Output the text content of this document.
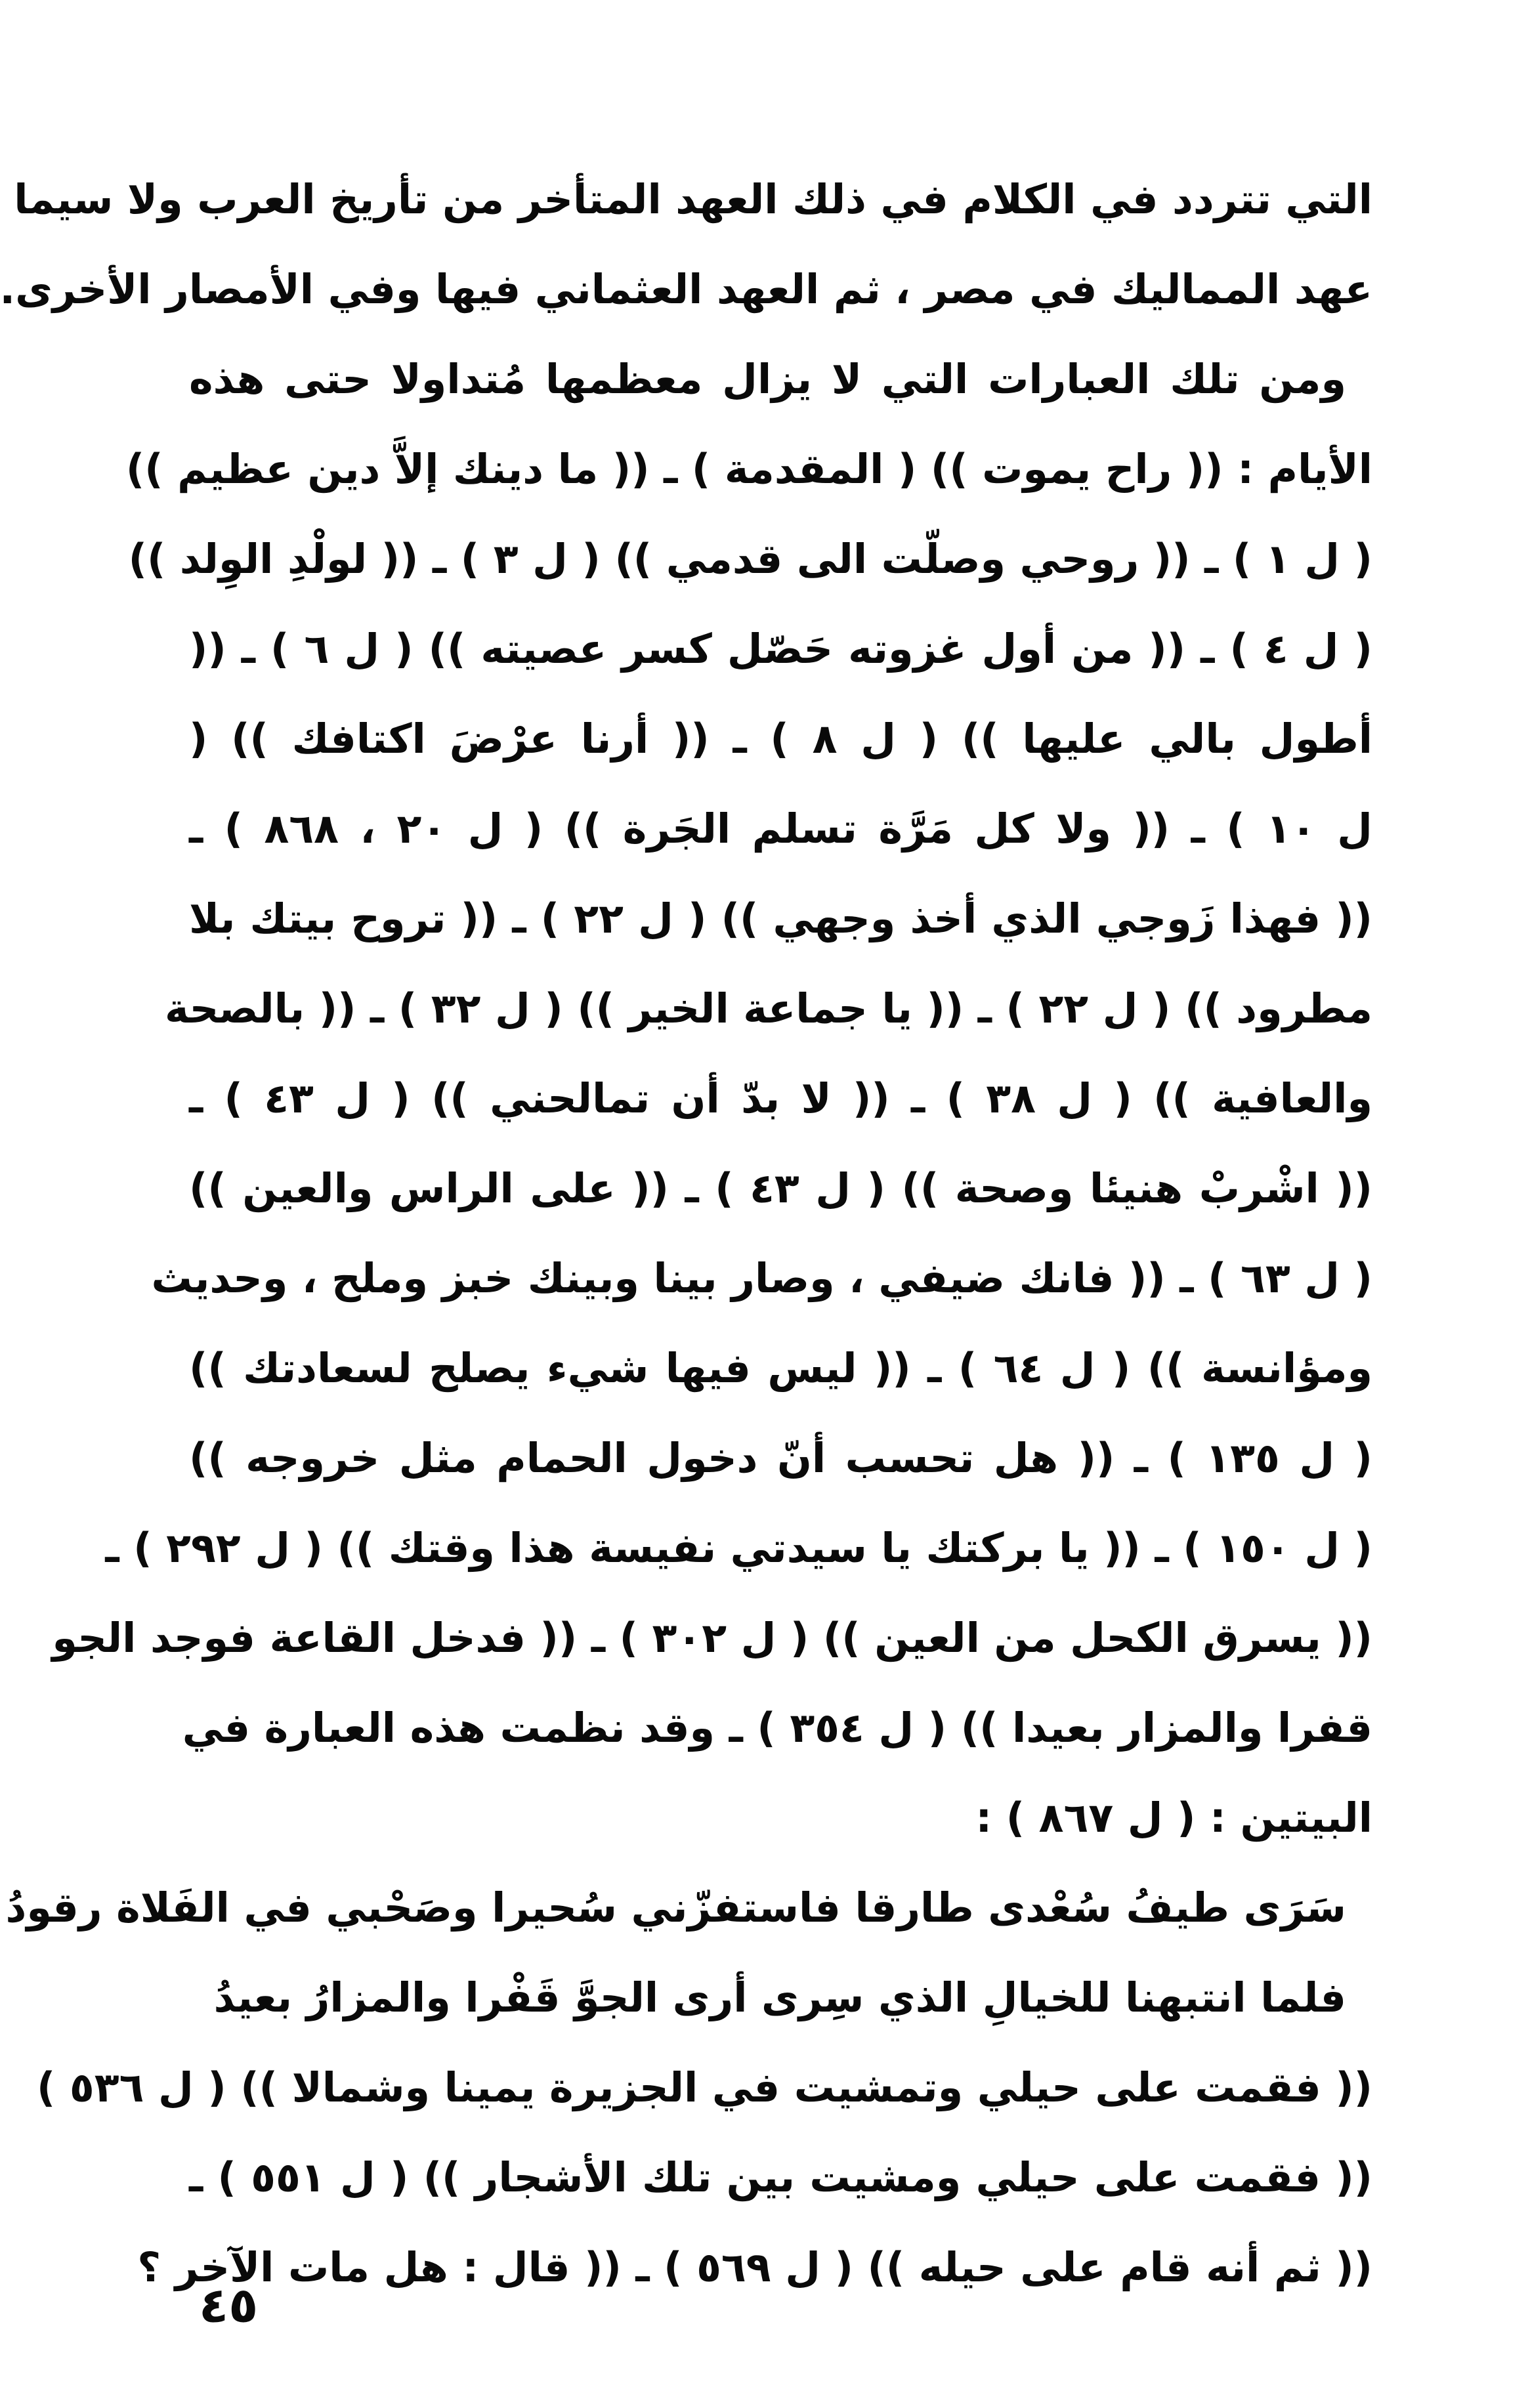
التي تتردد في الكلام في ذلك العهد المتأخر من تأريخ العرب ولا سيما
عهد المماليك في مصر ، ثم العهد العثماني فيها وفي الأمصار الأخرى.
ومن تلك العبارات التي لا يزال معظمها مُتداولا حتى هذه
الأيام : (( راح يموت )) ( المقدمة ) ـ (( ما دينك إلاَّ دين عظيم ))
( ل ١ ) ـ (( روحي وصلّت الى قدمي )) ( ل ٣ ) ـ (( لولْدِ الوِلد ))
( ل ٤ ) ـ (( من أول غزوته حَصّل كسر عصيته )) ( ل ٦ ) ـ ((
أطول بالي عليها )) ( ل ٨ ) ـ (( أرنا عرْضَ اكتافك )) (
ل ١٠ ) ـ (( ولا كل مَرَّة تسلم الجَرة )) ( ل ٢٠ ، ٨٦٨ ) ـ
(( فهذا زَوجي الذي أخذ وجهي )) ( ل ٢٢ ) ـ (( تروح بيتك بلا
مطرود )) ( ل ٢٢ ) ـ (( يا جماعة الخير )) ( ل ٣٢ ) ـ (( بالصحة
والعافية )) ( ل ٣٨ ) ـ (( لا بدّ أن تمالحني )) ( ل ٤٣ ) ـ
(( اشْربْ هنيئا وصحة )) ( ل ٤٣ ) ـ (( على الراس والعين ))
( ل ٦٣ ) ـ (( فانك ضيفي ، وصار بينا وبينك خبز وملح ، وحديث
ومؤانسة )) ( ل ٦٤ ) ـ (( ليس فيها شيء يصلح لسعادتك ))
( ل ١٣٥ ) ـ (( هل تحسب أنّ دخول الحمام مثل خروجه ))
( ل ١٥٠ ) ـ (( يا بركتك يا سيدتي نفيسة هذا وقتك )) ( ل ٢٩٢ ) ـ
(( يسرق الكحل من العين )) ( ل ٣٠٢ ) ـ (( فدخل القاعة فوجد الجو
قفرا والمزار بعيدا )) ( ل ٣٥٤ ) ـ وقد نظمت هذه العبارة في
البيتين : ( ل ٨٦٧ ) :
سَرَى طيفُ سُعْدى طارقا فاستفزّني سُحيرا وصَحْبي في الفَلاة رقودُ
فلما انتبهنا للخيالِ الذي سِرى أرى الجوَّ قَفْرا والمزارُ بعيدُ
(( فقمت على حيلي وتمشيت في الجزيرة يمينا وشمالا )) ( ل ٥٣٦ )
(( فقمت على حيلي ومشيت بين تلك الأشجار )) ( ل ٥٥١ ) ـ
(( ثم أنه قام على حيله )) ( ل ٥٦٩ ) ـ (( قال : هل مات الآخر ؟
٤٥
